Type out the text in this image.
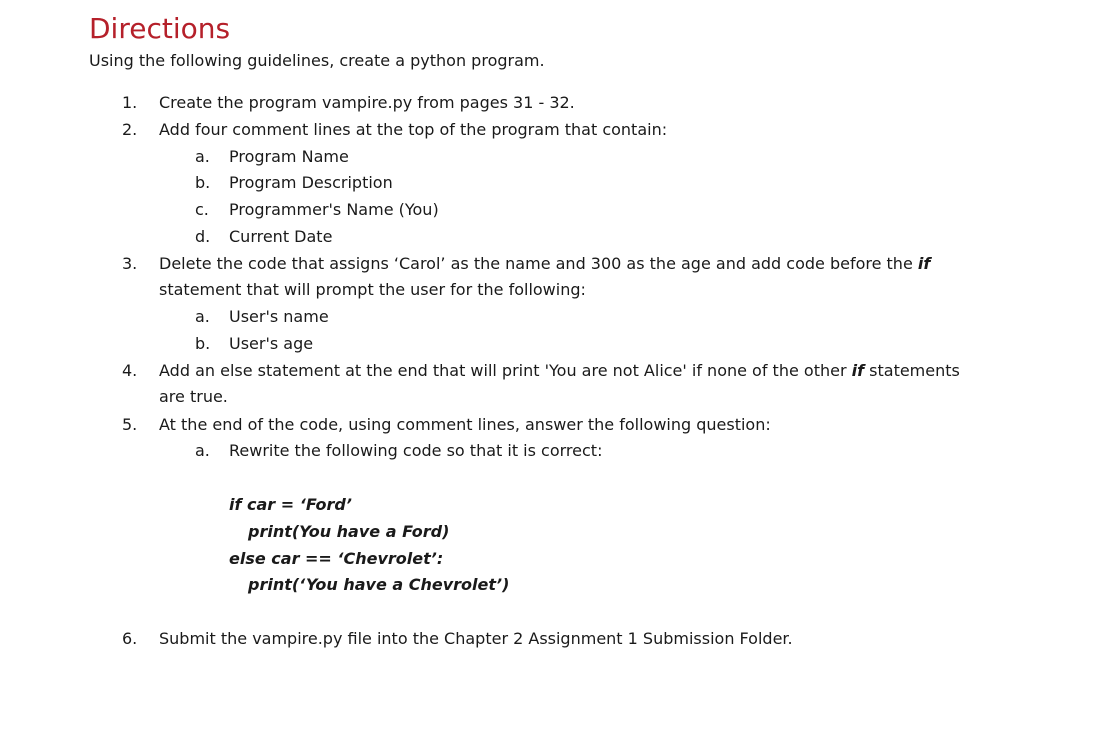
Directions
Using the following guidelines, create a python program.
1. Create the program vampire.py from pages 31 - 32.
2. Add four comment lines at the top of the program that contain:
a. Program Name
b. Program Description
c. Programmer's Name (You)
d. Current Date
3. Delete the code that assigns ‘Carol’ as the name and 300 as the age and add code before the if
statement that will prompt the user for the following:
a. User's name
b. User's age
4. Add an else statement at the end that will print 'You are not Alice' if none of the other if statements
are true.
5. At the end of the code, using comment lines, answer the following question:
a. Rewrite the following code so that it is correct:
if car = ‘Ford’
print(You have a Ford)
else car == ‘Chevrolet’:
print(‘You have a Chevrolet’)
6. Submit the vampire.py file into the Chapter 2 Assignment 1 Submission Folder.
